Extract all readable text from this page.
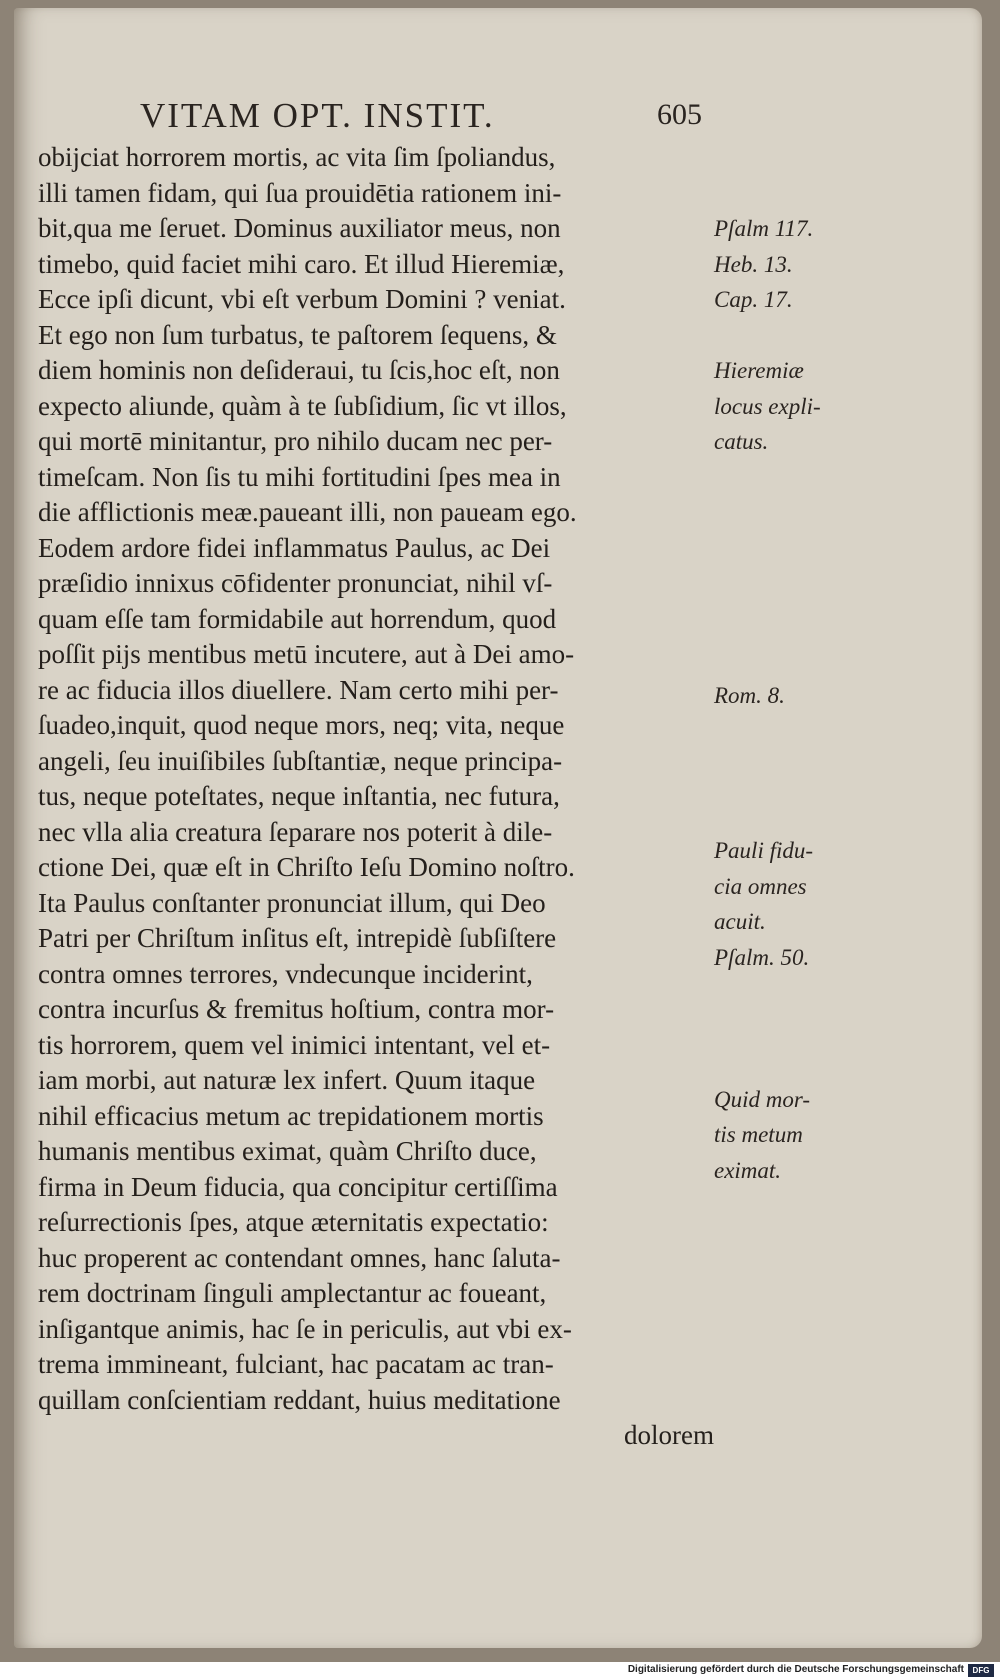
VITAM OPT. INSTIT.	605
obijciat horrorem mortis, ac vita ſim ſpoliandus,
illi tamen fidam, qui ſua prouidētia rationem ini-
bit,qua me ſeruet. Dominus auxiliator meus, non
timebo, quid faciet mihi caro. Et illud Hieremiæ,
Ecce ipſi dicunt, vbi eſt verbum Domini ? veniat.
Et ego non ſum turbatus, te paſtorem ſequens, &
diem hominis non deſideraui, tu ſcis,hoc eſt, non
expecto aliunde, quàm à te ſubſidium, ſic vt illos,
qui mortē minitantur, pro nihilo ducam nec per-
timeſcam. Non ſis tu mihi fortitudini ſpes mea in
die afflictionis meæ.paueant illi, non paueam ego.
Eodem ardore fidei inflammatus Paulus, ac Dei
præſidio innixus cōfidenter pronunciat, nihil vſ-
quam eſſe tam formidabile aut horrendum, quod
poſſit pijs mentibus metū incutere, aut à Dei amo-
re ac fiducia illos diuellere. Nam certo mihi per-
ſuadeo,inquit, quod neque mors, neq; vita, neque
angeli, ſeu inuiſibiles ſubſtantiæ, neque principa-
tus, neque poteſtates, neque inſtantia, nec futura,
nec vlla alia creatura ſeparare nos poterit à dile-
ctione Dei, quæ eſt in Chriſto Ieſu Domino noſtro.
Ita Paulus conſtanter pronunciat illum, qui Deo
Patri per Chriſtum inſitus eſt, intrepidè ſubſiſtere
contra omnes terrores, vndecunque inciderint,
contra incurſus & fremitus hoſtium, contra mor-
tis horrorem, quem vel inimici intentant, vel et-
iam morbi, aut naturæ lex infert. Quum itaque
nihil efficacius metum ac trepidationem mortis
humanis mentibus eximat, quàm Chriſto duce,
firma in Deum fiducia, qua concipitur certiſſima
reſurrectionis ſpes, atque æternitatis expectatio:
huc properent ac contendant omnes, hanc ſaluta-
rem doctrinam ſinguli amplectantur ac foueant,
inſigantque animis, hac ſe in periculis, aut vbi ex-
trema immineant, fulciant, hac pacatam ac tran-
quillam conſcientiam reddant, huius meditatione
dolorem
Pſalm 117.
Heb. 13.
Cap. 17.
Hieremiæ
locus expli-
catus.
Rom. 8.
Pauli fidu-
cia omnes
acuit.
Pſalm. 50.
Quid mor-
tis metum
eximat.
Digitalisierung gefördert durch die Deutsche Forschungsgemeinschaft	DFG
